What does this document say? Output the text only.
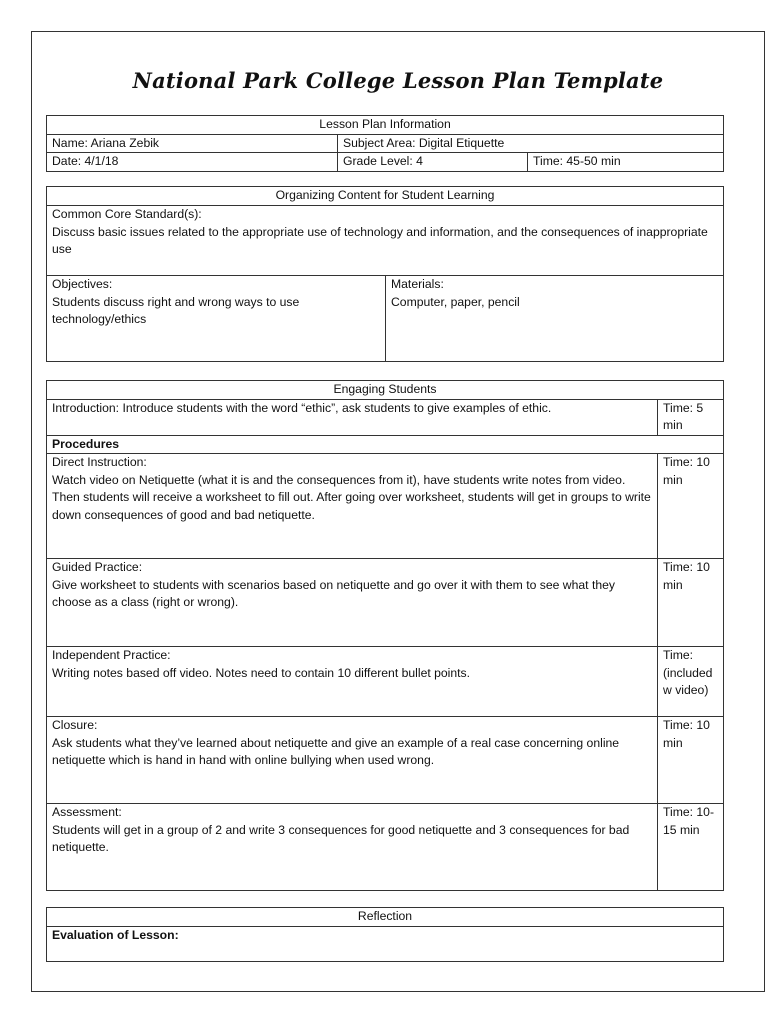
National Park College Lesson Plan Template
Lesson Plan Information		
Name: Ariana Zebik	Subject Area: Digital Etiquette	
Date: 4/1/18	Grade Level: 4	Time: 45-50 min
Organizing Content for Student Learning

Common Core Standard(s):
Discuss basic issues related to the appropriate use of technology and information, and the consequences of inappropriate use

Objectives:
Students discuss right and wrong ways to use technology/ethics

Materials:
Computer, paper, pencil
Engaging Students	
Introduction: Introduce students with the word “ethic”, ask students to give examples of ethic.	Time: 5 min
Procedures	

Direct Instruction:
Watch video on Netiquette (what it is and the consequences from it), have students write notes from video. Then students will receive a worksheet to fill out. After going over worksheet, students will get in groups to write down consequences of good and bad netiquette.	Time: 10 min

Guided Practice:
Give worksheet to students with scenarios based on netiquette and go over it with them to see what they choose as a class (right or wrong).	Time: 10 min

Independent Practice:
Writing notes based off video. Notes need to contain 10 different bullet points.	Time: (included w video)

Closure:
Ask students what they’ve learned about netiquette and give an example of a real case concerning online netiquette which is hand in hand with online bullying when used wrong.	Time: 10 min

Assessment:
Students will get in a group of 2 and write 3 consequences for good netiquette and 3 consequences for bad netiquette.	Time: 10-15 min
Reflection
Evaluation of Lesson:
